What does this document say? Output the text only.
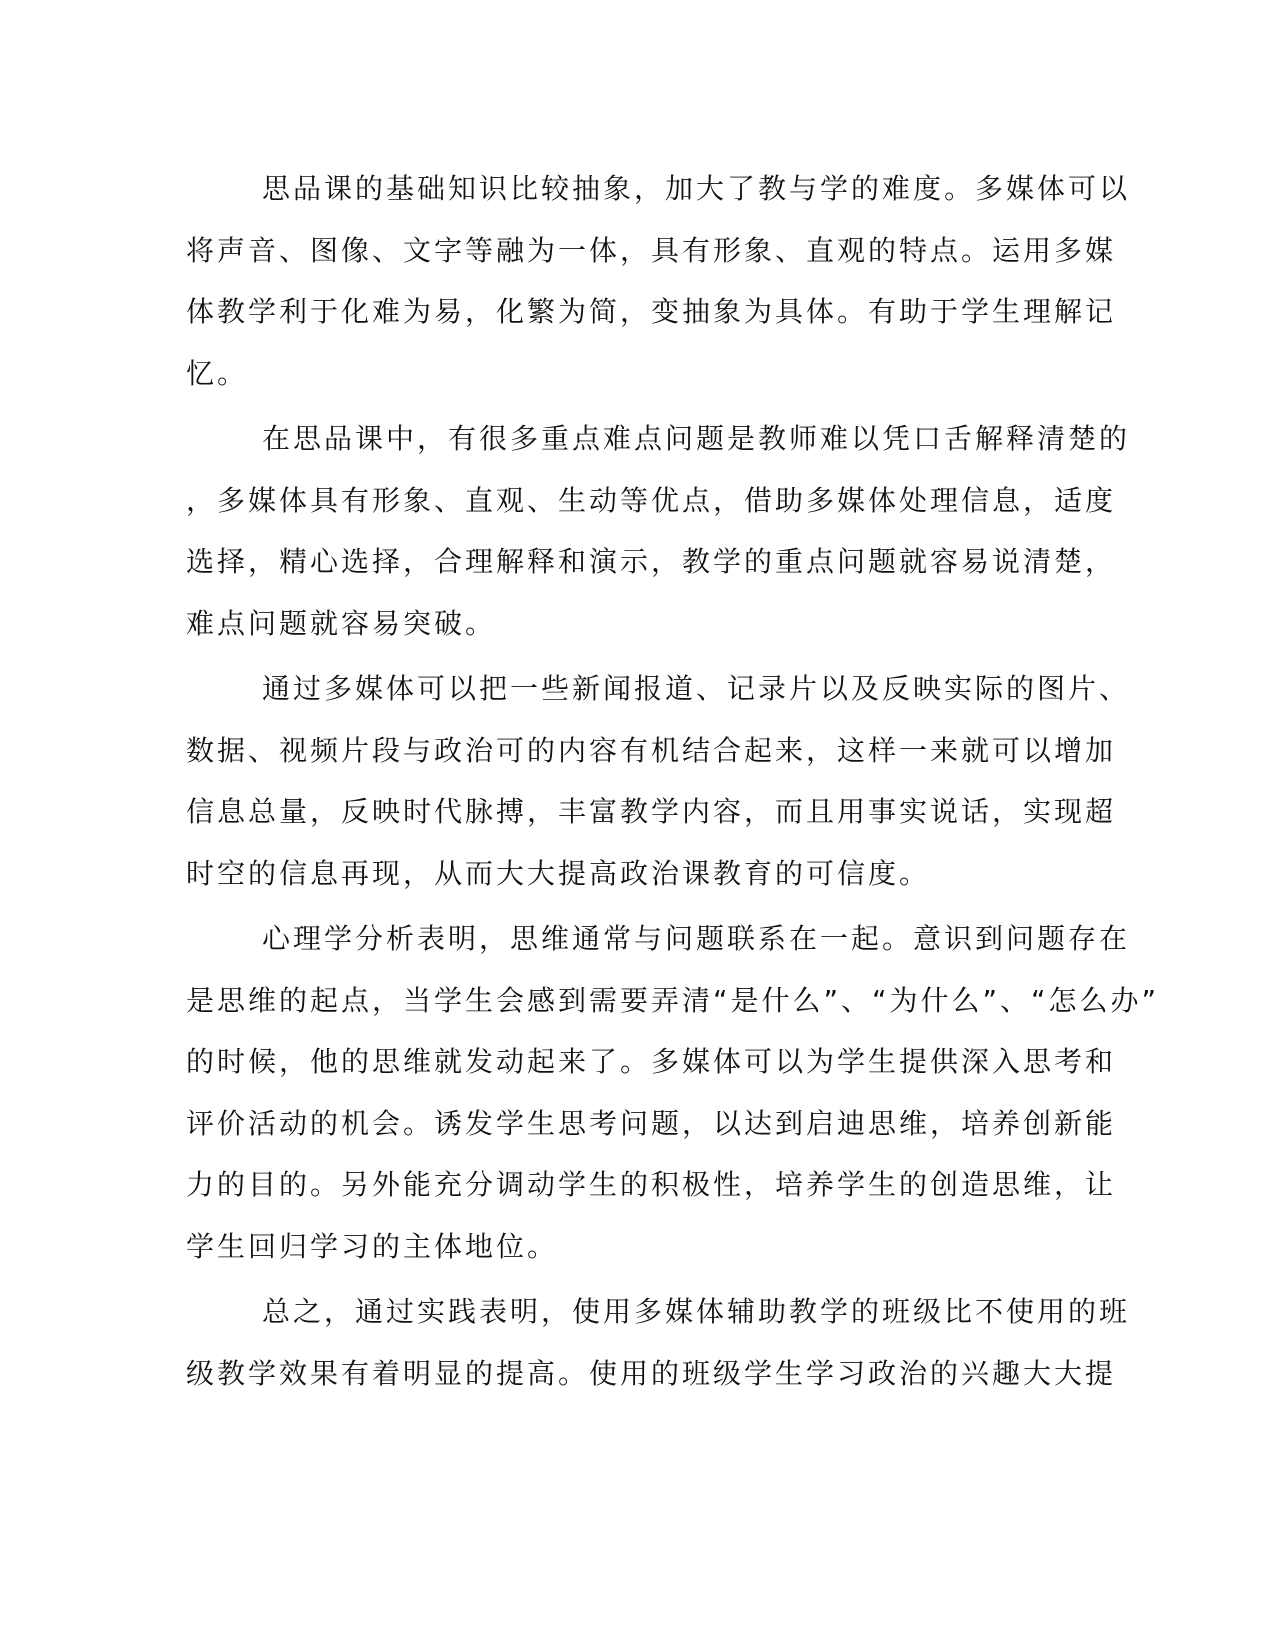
思品课的基础知识比较抽象，加大了教与学的难度。多媒体可以
将声音、图像、文字等融为一体，具有形象、直观的特点。运用多媒
体教学利于化难为易，化繁为简，变抽象为具体。有助于学生理解记
忆。
在思品课中，有很多重点难点问题是教师难以凭口舌解释清楚的
，多媒体具有形象、直观、生动等优点，借助多媒体处理信息，适度
选择，精心选择，合理解释和演示，教学的重点问题就容易说清楚，
难点问题就容易突破。
通过多媒体可以把一些新闻报道、记录片以及反映实际的图片、
数据、视频片段与政治可的内容有机结合起来，这样一来就可以增加
信息总量，反映时代脉搏，丰富教学内容，而且用事实说话，实现超
时空的信息再现，从而大大提高政治课教育的可信度。
心理学分析表明，思维通常与问题联系在一起。意识到问题存在
是思维的起点，当学生会感到需要弄清“是什么”、“为什么”、“怎么办”
的时候，他的思维就发动起来了。多媒体可以为学生提供深入思考和
评价活动的机会。诱发学生思考问题，以达到启迪思维，培养创新能
力的目的。另外能充分调动学生的积极性，培养学生的创造思维，让
学生回归学习的主体地位。
总之，通过实践表明，使用多媒体辅助教学的班级比不使用的班
级教学效果有着明显的提高。使用的班级学生学习政治的兴趣大大提
